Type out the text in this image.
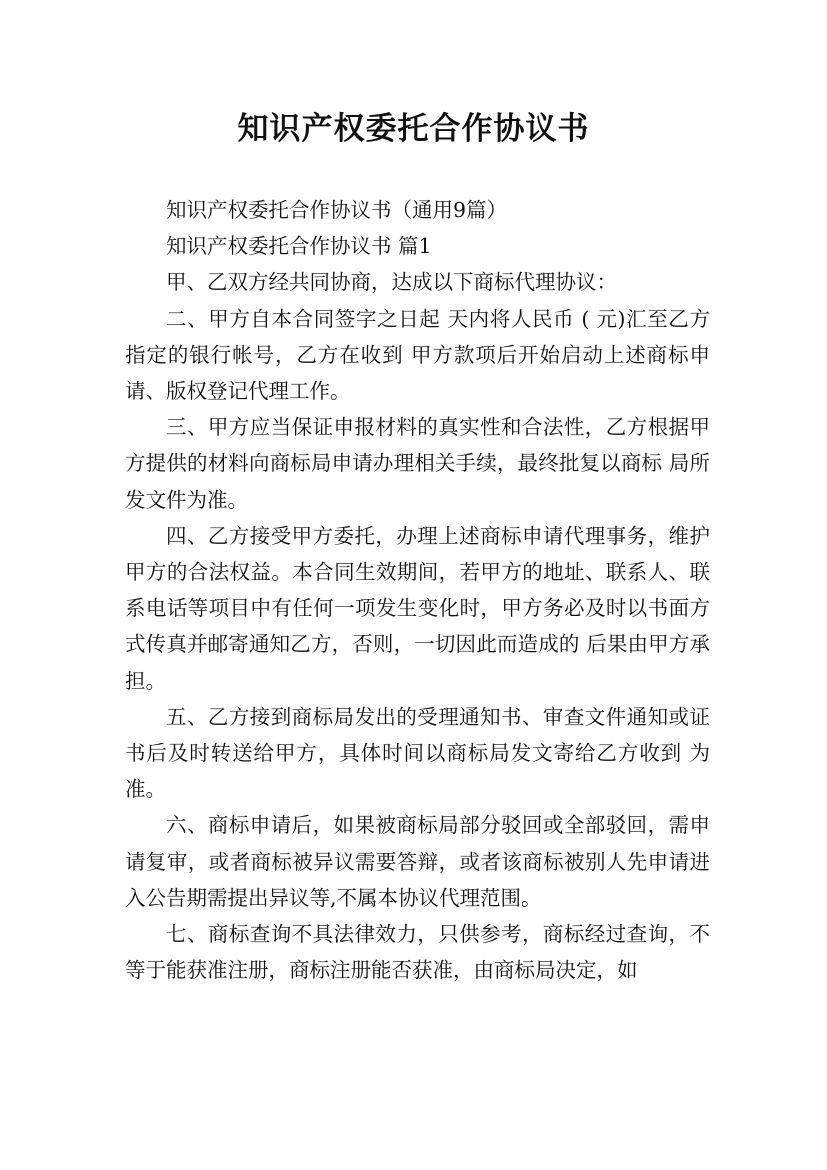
知识产权委托合作协议书

知识产权委托合作协议书（通用9篇）

知识产权委托合作协议书 篇1

甲、乙双方经共同协商，达成以下商标代理协议：

二、甲方自本合同签字之日起 天内将人民币 ( 元)汇至乙方指定的银行帐号，乙方在收到 甲方款项后开始启动上述商标申请、版权登记代理工作。

三、甲方应当保证申报材料的真实性和合法性，乙方根据甲方提供的材料向商标局申请办理相关手续，最终批复以商标 局所发文件为准。

四、乙方接受甲方委托，办理上述商标申请代理事务，维护甲方的合法权益。本合同生效期间，若甲方的地址、联系人、联系电话等项目中有任何一项发生变化时，甲方务必及时以书面方式传真并邮寄通知乙方，否则，一切因此而造成的 后果由甲方承担。

五、乙方接到商标局发出的受理通知书、审查文件通知或证书后及时转送给甲方，具体时间以商标局发文寄给乙方收到 为准。

六、商标申请后，如果被商标局部分驳回或全部驳回，需申请复审，或者商标被异议需要答辩，或者该商标被别人先申请进入公告期需提出异议等,不属本协议代理范围。

七、商标查询不具法律效力，只供参考，商标经过查询，不等于能获准注册，商标注册能否获准，由商标局决定，如
